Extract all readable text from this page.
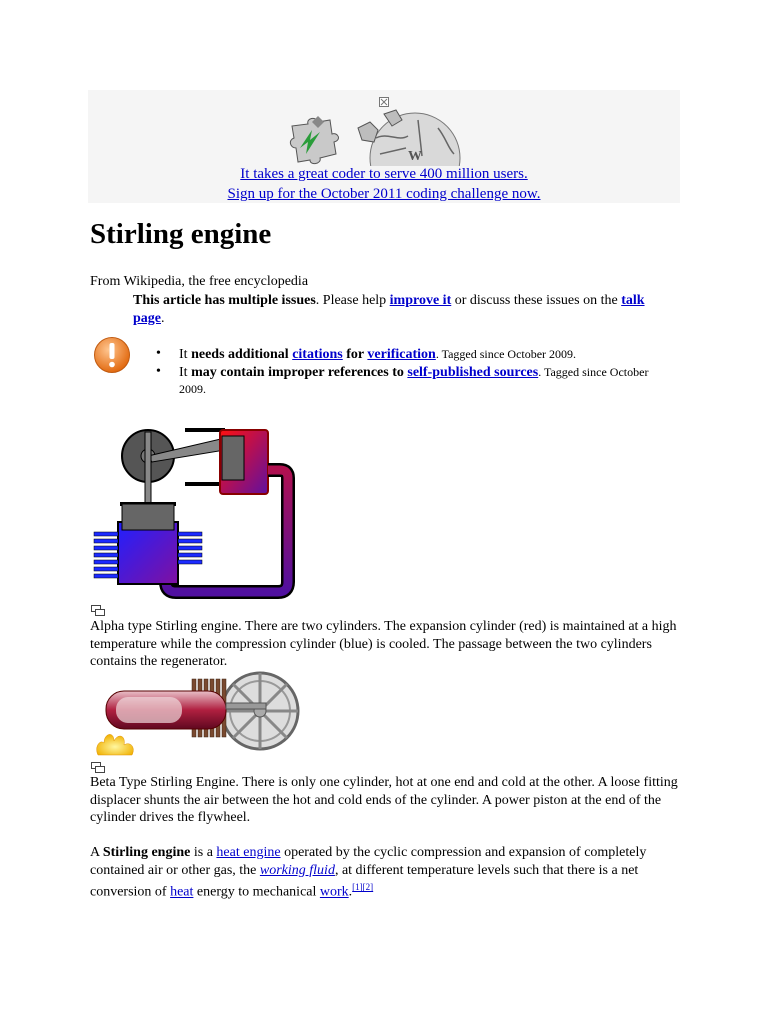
W
It takes a great coder to serve 400 million users.
Sign up for the October 2011 coding challenge now.
Stirling engine
From Wikipedia, the free encyclopedia
This article has multiple issues. Please help improve it or discuss these issues on the talk page.
• It needs additional citations for verification. Tagged since October 2009.
• It may contain improper references to self-published sources. Tagged since October 2009.
Alpha type Stirling engine. There are two cylinders. The expansion cylinder (red) is maintained at a high temperature while the compression cylinder (blue) is cooled. The passage between the two cylinders contains the regenerator.
Beta Type Stirling Engine. There is only one cylinder, hot at one end and cold at the other. A loose fitting displacer shunts the air between the hot and cold ends of the cylinder. A power piston at the end of the cylinder drives the flywheel.
A Stirling engine is a heat engine operated by the cyclic compression and expansion of completely contained air or other gas, the working fluid, at different temperature levels such that there is a net conversion of heat energy to mechanical work.[1][2]
